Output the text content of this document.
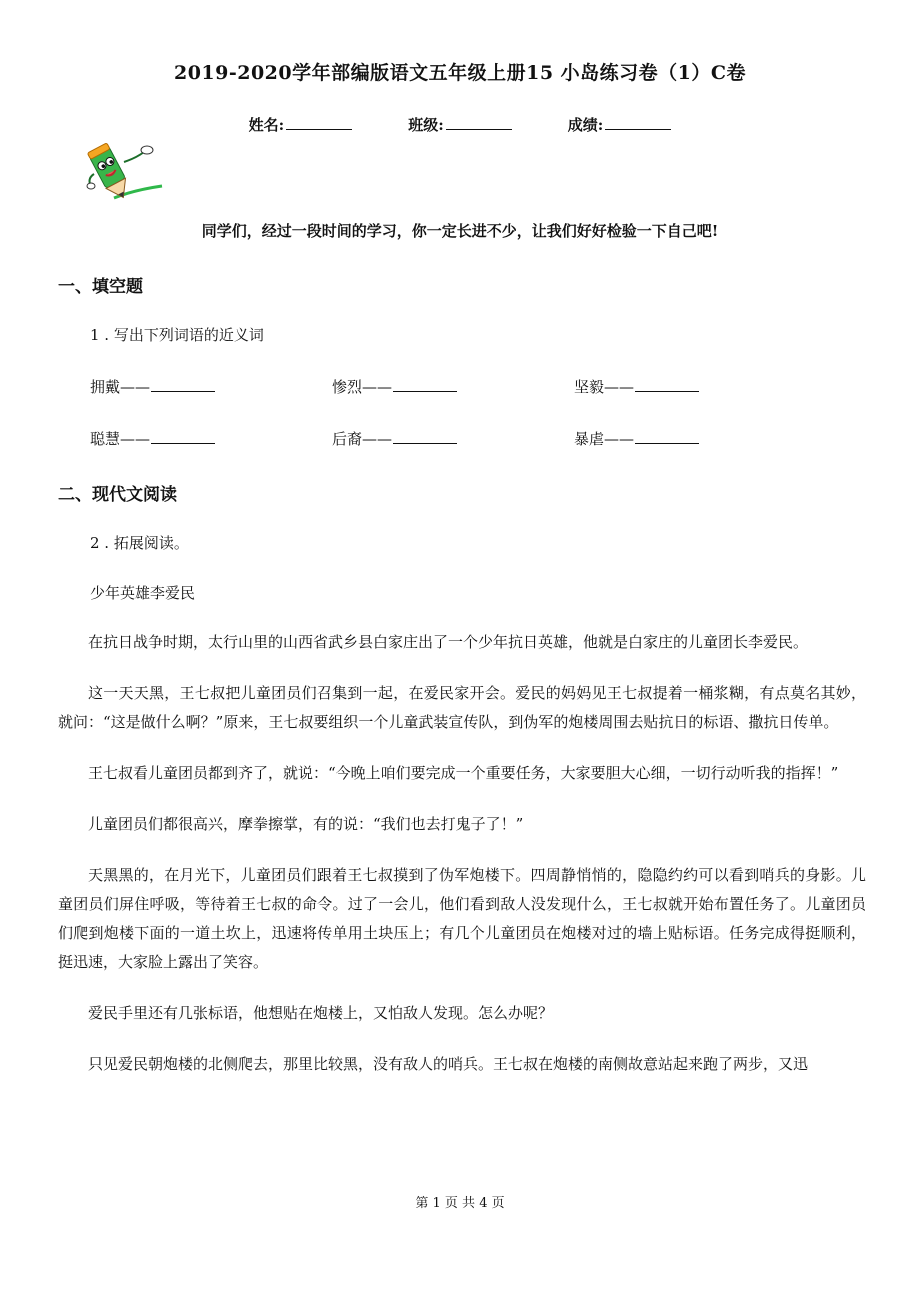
2019-2020学年部编版语文五年级上册15 小岛练习卷（1）C卷
姓名:	班级:	成绩:
同学们，经过一段时间的学习，你一定长进不少，让我们好好检验一下自己吧!
一、填空题
1 . 写出下列词语的近义词
拥戴——	惨烈——	坚毅——
聪慧——	后裔——	暴虐——
二、现代文阅读
2 . 拓展阅读。
少年英雄李爱民

在抗日战争时期，太行山里的山西省武乡县白家庄出了一个少年抗日英雄，他就是白家庄的儿童团长李爱民。

这一天天黑，王七叔把儿童团员们召集到一起，在爱民家开会。爱民的妈妈见王七叔提着一桶浆糊，有点莫名其妙，就问：“这是做什么啊？”原来，王七叔要组织一个儿童武装宣传队，到伪军的炮楼周围去贴抗日的标语、撒抗日传单。

王七叔看儿童团员都到齐了，就说：“今晚上咱们要完成一个重要任务，大家要胆大心细，一切行动听我的指挥！”

儿童团员们都很高兴，摩拳擦掌，有的说：“我们也去打鬼子了！”

天黑黑的，在月光下，儿童团员们跟着王七叔摸到了伪军炮楼下。四周静悄悄的，隐隐约约可以看到哨兵的身影。儿童团员们屏住呼吸，等待着王七叔的命令。过了一会儿，他们看到敌人没发现什么，王七叔就开始布置任务了。儿童团员们爬到炮楼下面的一道土坎上，迅速将传单用土块压上；有几个儿童团员在炮楼对过的墙上贴标语。任务完成得挺顺利，挺迅速，大家脸上露出了笑容。

爱民手里还有几张标语，他想贴在炮楼上，又怕敌人发现。怎么办呢？

只见爱民朝炮楼的北侧爬去，那里比较黑，没有敌人的哨兵。王七叔在炮楼的南侧故意站起来跑了两步，又迅

第 1 页 共 4 页
